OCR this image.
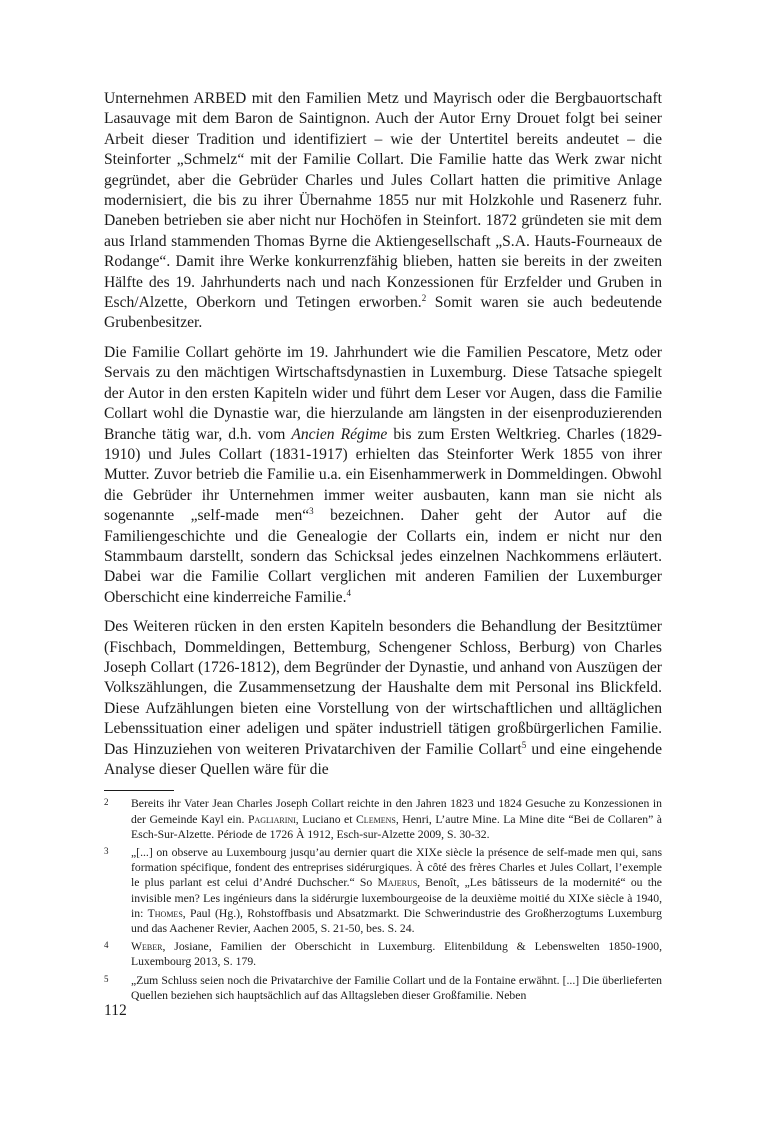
Unternehmen ARBED mit den Familien Metz und Mayrisch oder die Bergbauortschaft Lasauvage mit dem Baron de Saintignon. Auch der Autor Erny Drouet folgt bei seiner Arbeit dieser Tradition und identifiziert – wie der Untertitel bereits andeutet – die Steinforter „Schmelz“ mit der Familie Collart. Die Familie hatte das Werk zwar nicht gegründet, aber die Gebrüder Charles und Jules Collart hatten die primitive Anlage modernisiert, die bis zu ihrer Übernahme 1855 nur mit Holzkohle und Rasenerz fuhr. Daneben betrieben sie aber nicht nur Hochöfen in Steinfort. 1872 gründeten sie mit dem aus Irland stammenden Thomas Byrne die Aktiengesellschaft „S.A. Hauts-Fourneaux de Rodange“. Damit ihre Werke konkurrenzfähig blieben, hatten sie bereits in der zweiten Hälfte des 19. Jahrhunderts nach und nach Konzessionen für Erzfelder und Gruben in Esch/Alzette, Oberkorn und Tetingen erworben.$^2$ Somit waren sie auch bedeutende Grubenbesitzer.

Die Familie Collart gehörte im 19. Jahrhundert wie die Familien Pescatore, Metz oder Servais zu den mächtigen Wirtschaftsdynastien in Luxemburg. Diese Tatsache spiegelt der Autor in den ersten Kapiteln wider und führt dem Leser vor Augen, dass die Familie Collart wohl die Dynastie war, die hierzulande am längsten in der eisenproduzierenden Branche tätig war, d.h. vom Ancien Régime bis zum Ersten Weltkrieg. Charles (1829-1910) und Jules Collart (1831-1917) erhielten das Steinforter Werk 1855 von ihrer Mutter. Zuvor betrieb die Familie u.a. ein Eisenhammerwerk in Dommeldingen. Obwohl die Gebrüder ihr Unternehmen immer weiter ausbauten, kann man sie nicht als sogenannte „self-made men“$^3$ bezeichnen. Daher geht der Autor auf die Familiengeschichte und die Genealogie der Collarts ein, indem er nicht nur den Stammbaum darstellt, sondern das Schicksal jedes einzelnen Nachkommens erläutert. Dabei war die Familie Collart verglichen mit anderen Familien der Luxemburger Oberschicht eine kinderreiche Familie.$^4$

Des Weiteren rücken in den ersten Kapiteln besonders die Behandlung der Besitztümer (Fischbach, Dommeldingen, Bettemburg, Schengener Schloss, Berburg) von Charles Joseph Collart (1726-1812), dem Begründer der Dynastie, und anhand von Auszügen der Volkszählungen, die Zusammensetzung der Haushalte dem mit Personal ins Blickfeld. Diese Aufzählungen bieten eine Vorstellung von der wirtschaftlichen und alltäglichen Lebenssituation einer adeligen und später industriell tätigen großbürgerlichen Familie. Das Hinzuziehen von weiteren Privatarchiven der Familie Collart$^5$ und eine eingehende Analyse dieser Quellen wäre für die

2	Bereits ihr Vater Jean Charles Joseph Collart reichte in den Jahren 1823 und 1824 Gesuche zu Konzessionen in der Gemeinde Kayl ein. Pagliarini, Luciano et Clemens, Henri, L’autre Mine. La Mine dite “Bei de Collaren” à Esch-Sur-Alzette. Période de 1726 À 1912, Esch-sur-Alzette 2009, S. 30-32.
3	„[...] on observe au Luxembourg jusqu’au dernier quart die XIXe siècle la présence de self-made men qui, sans formation spécifique, fondent des entreprises sidérurgiques. À côté des frères Charles et Jules Collart, l’exemple le plus parlant est celui d’André Duchscher.“ So Majerus, Benoît, „Les bâtisseurs de la modernité“ ou the invisible men? Les ingénieurs dans la sidérurgie luxembourgeoise de la deuxième moitié du XIXe siècle à 1940, in: Thomes, Paul (Hg.), Rohstoffbasis und Absatzmarkt. Die Schwerindustrie des Großherzogtums Luxemburg und das Aachener Revier, Aachen 2005, S. 21-50, bes. S. 24.
4	Weber, Josiane, Familien der Oberschicht in Luxemburg. Elitenbildung & Lebenswelten 1850-1900, Luxembourg 2013, S. 179.
5	„Zum Schluss seien noch die Privatarchive der Familie Collart und de la Fontaine erwähnt. [...] Die überlieferten Quellen beziehen sich hauptsächlich auf das Alltagsleben dieser Großfamilie. Neben
112
